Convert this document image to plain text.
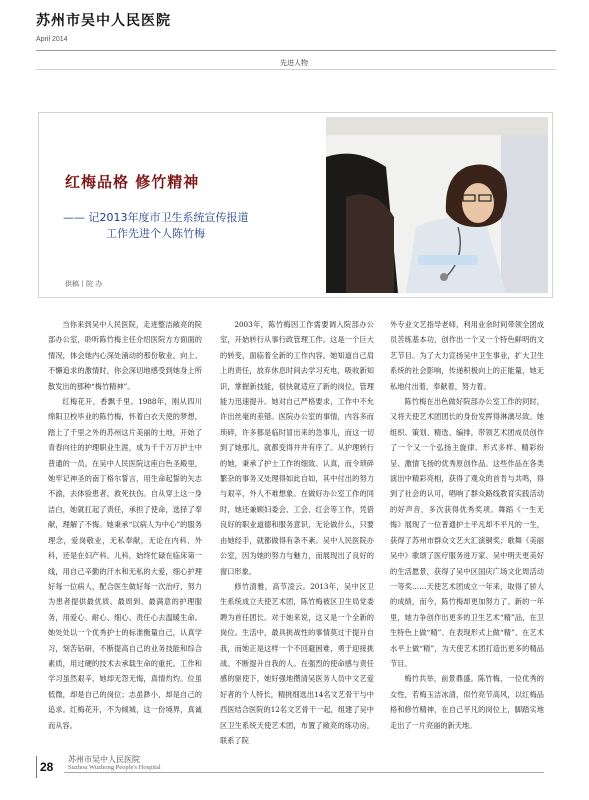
苏州市吴中人民医院
April 2014
先进人物
红梅品格 修竹精神
—— 记2013年度市卫生系统宣传报道
工作先进个人陈竹梅
供稿丨院 办

当你来到吴中人民医院，走进整洁敞亮的院部办公室，聆听陈竹梅主任介绍医院方方面面的情况，体会她内心深处涌动的那份敬业、向上、不懈追求的激情时，你会深切地感受到她身上所散发出的那种“梅竹精神”。

红梅花开，香飘千里。1988年，刚从四川绵阳卫校毕业的陈竹梅，怀着白衣天使的梦想，踏上了千里之外的苏州这片美丽的土地，开始了青春向往的护理职业生涯，成为千千万万护士中普通的一员。在吴中人民医院这座白色圣殿里，她牢记神圣的南丁格尔誓言，用生命起誓的矢志不渝，去体验患者，救死扶伤。自从穿上这一身洁白，她就扛起了责任，承担了使命，选择了奉献，理解了不悔。她秉承“以病人为中心”的服务理念，爱岗敬业，无私奉献，无论在内科、外科，还是在妇产科、儿科，始终忙碌在临床第一线，用自己辛勤的汗水和无私的大爱，细心护理好每一位病人，配合医生做好每一次治疗，努力为患者提供最优质、最周到、最满意的护理服务，用爱心、耐心、细心、责任心去温暖生命。她处处以一个优秀护士的标准衡量自己，认真学习，刻苦钻研，不断提高自己的业务技能和综合素质，用过硬的技术去承载生命的重托。工作和学习虽然艰辛，她却无怨无悔，真情灼灼。位虽低微，却是自己的岗位；志虽渺小，却是自己的追求。红梅花开，不为倾城，这一份境界，真诚而从容。

2003年，陈竹梅因工作需要调入院部办公室，开始转行从事行政管理工作。这是一个巨大的转变，面临着全新的工作内容。她知道自己肩上的责任，放弃休息时间去学习充电，吸收新知识，掌握新技能，很快就适应了新的岗位，管理能力迅速提升。她对自己严格要求，工作中不允许出丝毫的差错。医院办公室的事情，内容多而琐碎，许多都是临时冒出来的急事儿，而这一切到了她那儿，就都变得井井有序了。从护理转行的她，秉承了护士工作的细致、认真，而令琐碎繁杂的事务又处理得如此自如，其中付出的努力与艰辛，外人不难想象。在做好办公室工作的同时，她还兼顾妇委会、工会、红会等工作，凭借良好的职业道德和服务意识，无论做什么，只要由她经手，就都做得有条不紊。吴中人民医院办公室，因为她的努力与魅力，而展现出了良好的窗口形象。

修竹清雅，高节凌云。2013年，吴中区卫生系统成立天使艺术团，陈竹梅被区卫生局党委聘为首任团长。对于她来说，这又是一个全新的岗位。生活中，最具挑战性的事情莫过于提升自我，而她正是这样一个不回避困难，勇于迎接挑战、不断提升自我的人。在强烈的使命感与责任感的驱使下，她好强地攒清吴医务人员中文艺爱好者的个人特长，精挑细选出14名文艺骨干与中西医结合医院的12名文艺骨干一起，组建了吴中区卫生系统天使艺术团，布置了敞亮的练功房，联系了院

外专业文艺指导老师，利用业余时间带领全团成员苦练基本功，创作出一个又一个特色鲜明的文艺节目。为了大力宣扬吴中卫生事业，扩大卫生系统的社会影响，传递积极向上的正能量，她无私地付出着，奉献着，努力着。

陈竹梅在出色做好院部办公室工作的同时，又将天使艺术团团长的身份发挥得淋漓尽致。她组织、策划、精选、编排，带领艺术团成员创作了一个又一个弘扬主旋律、形式多样、精彩纷呈、激情飞扬的优秀原创作品。这些作品在各类演出中精彩亮相，获得了观众的首肯与共鸣，得到了社会的认可，唱响了群众路线教育实践活动的好声音，多次获得优秀奖项。舞蹈《一生无悔》展现了一位普通护士平凡却不平凡的一生，获得了苏州市群众文艺大汇演铜奖；歌舞《美丽吴中》歌颂了医疗服务进万家、吴中明天更美好的生活愿景，获得了吴中区国庆广场文化周活动一等奖……天使艺术团成立一年来，取得了骄人的成绩，而今，陈竹梅却更加努力了。新的一年里，她力争创作出更多的卫生艺术“精”品，在卫生特色上做“精”、在表现形式上做“精”、在艺术水平上做“精”，为天使艺术团打造出更多的精品节目。

梅竹共举，前景鼎盛。陈竹梅，一位优秀的女性，若梅玉洁冰清，似竹亮节高风，以红梅品格和修竹精神，在自己平凡的岗位上，脚踏实地走出了一片亮丽的新天地。

28
苏州市吴中人民医院
Suzhou Wuzhong People's Hospital
